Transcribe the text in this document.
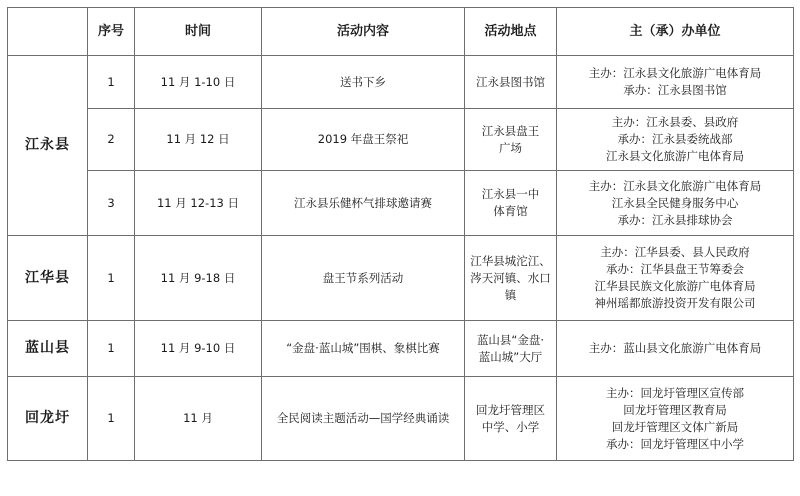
	序号	时间	活动内容	活动地点	主（承）办单位
江永县	1	11 月 1-10 日	送书下乡	江永县图书馆	主办：江永县文化旅游广电体育局
承办：江永县图书馆

	2	11 月 12 日	2019 年盘王祭祀	江永县盘王
广场	主办：江永县委、县政府
承办：江永县委统战部
江永县文化旅游广电体育局

	3	11 月 12-13 日	江永县乐健杯气排球邀请赛	江永县一中
体育馆	主办：江永县文化旅游广电体育局
江永县全民健身服务中心
承办：江永县排球协会

江华县	1	11 月 9-18 日	盘王节系列活动	江华县城沱江、
涔天河镇、水口
镇	主办：江华县委、县人民政府
承办：江华县盘王节筹委会
江华县民族文化旅游广电体育局
神州瑶都旅游投资开发有限公司

蓝山县	1	11 月 9-10 日	“金盘·蓝山城”围棋、象棋比赛	蓝山县“金盘·
蓝山城”大厅	主办：蓝山县文化旅游广电体育局

回龙圩	1	11 月	全民阅读主题活动—国学经典诵读	回龙圩管理区
中学、小学	主办：回龙圩管理区宣传部
回龙圩管理区教育局
回龙圩管理区文体广新局
承办：回龙圩管理区中小学
